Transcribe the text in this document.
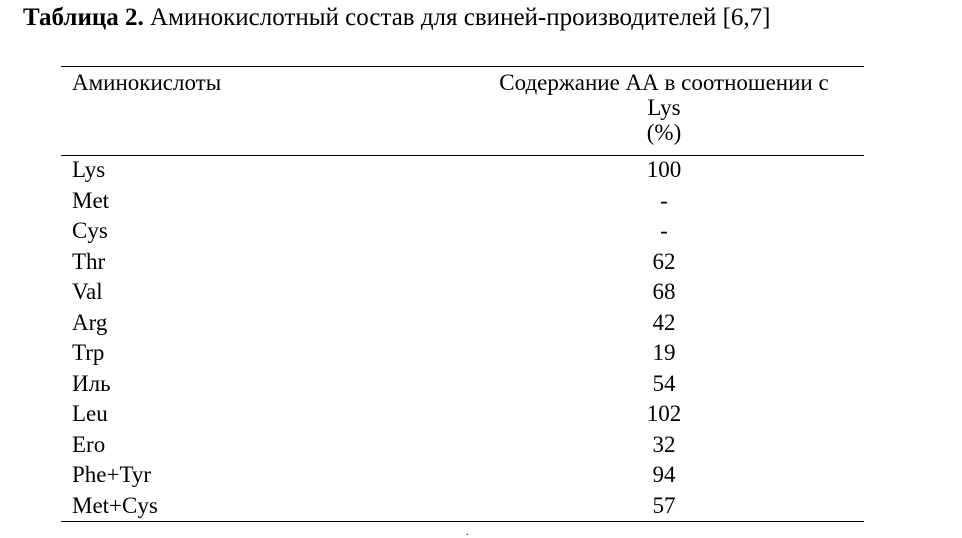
Таблица 2. Аминокислотный состав для свиней-производителей [6,7]
Аминокислоты	Содержание АА в соотношении с
Lys
(%)
Lys	100
Met	-
Cys	-
Thr	62
Val	68
Arg	42
Trp	19
Иль	54
Leu	102
Ero	32
Phe+Tyr	94
Met+Cys	57
.
